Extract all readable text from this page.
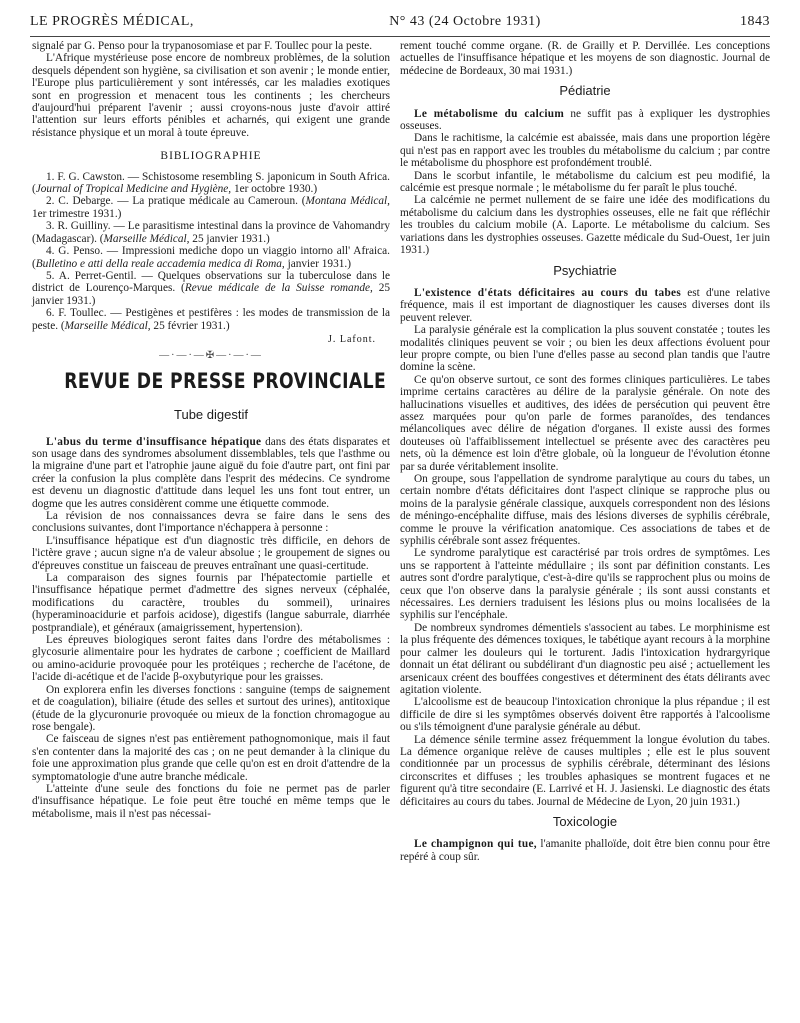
LE PROGRÈS MÉDICAL,	N° 43 (24 Octobre 1931)	1843

signalé par G. Penso pour la trypanosomiase et par F. Toullec pour la peste.

L'Afrique mystérieuse pose encore de nombreux problèmes, de la solution desquels dépendent son hygiène, sa civilisation et son avenir ; le monde entier, l'Europe plus particulièrement y sont intéressés, car les maladies exotiques sont en progression et menacent tous les continents ; les chercheurs d'aujourd'hui préparent l'avenir ; aussi croyons-nous juste d'avoir attiré l'attention sur leurs efforts pénibles et acharnés, qui exigent une grande résistance physique et un moral à toute épreuve.

BIBLIOGRAPHIE

1. F. G. Cawston. — Schistosome resembling S. japonicum in South Africa. (Journal of Tropical Medicine and Hygiène, 1er octobre 1930.)

2. C. Debarge. — La pratique médicale au Cameroun. (Montana Médical, 1er trimestre 1931.)

3. R. Guilliny. — Le parasitisme intestinal dans la province de Vahomandry (Madagascar). (Marseille Médical, 25 janvier 1931.)

4. G. Penso. — Impressioni mediche dopo un viaggio intorno all' Afraica. (Bulletino e atti della reale accademia medica di Roma, janvier 1931.)

5. A. Perret-Gentil. — Quelques observations sur la tuberculose dans le district de Lourenço-Marques. (Revue médicale de la Suisse romande, 25 janvier 1931.)

6. F. Toullec. — Pestigènes et pestifères : les modes de transmission de la peste. (Marseille Médical, 25 février 1931.)

J. Lafont.
—·—·—✠—·—·—
REVUE DE PRESSE PROVINCIALE
Tube digestif

L'abus du terme d'insuffisance hépatique dans des états disparates et son usage dans des syndromes absolument dissemblables, tels que l'asthme ou la migraine d'une part et l'atrophie jaune aiguë du foie d'autre part, ont fini par créer la confusion la plus complète dans l'esprit des médecins. Ce syndrome est devenu un diagnostic d'attitude dans lequel les uns font tout entrer, un dogme que les autres considèrent comme une étiquette commode.

La révision de nos connaissances devra se faire dans le sens des conclusions suivantes, dont l'importance n'échappera à personne :

L'insuffisance hépatique est d'un diagnostic très difficile, en dehors de l'ictère grave ; aucun signe n'a de valeur absolue ; le groupement de signes ou d'épreuves constitue un faisceau de preuves entraînant une quasi-certitude.

La comparaison des signes fournis par l'hépatectomie partielle et l'insuffisance hépatique permet d'admettre des signes nerveux (céphalée, modifications du caractère, troubles du sommeil), urinaires (hyperaminoacidurie et parfois acidose), digestifs (langue saburrale, diarrhée postprandiale), et généraux (amaigrissement, hypertension).

Les épreuves biologiques seront faites dans l'ordre des métabolismes : glycosurie alimentaire pour les hydrates de carbone ; coefficient de Maillard ou amino-acidurie provoquée pour les protéiques ; recherche de l'acétone, de l'acide di-acétique et de l'acide β-oxybutyrique pour les graisses.

On explorera enfin les diverses fonctions : sanguine (temps de saignement et de coagulation), biliaire (étude des selles et surtout des urines), antitoxique (étude de la glycuronurie provoquée ou mieux de la fonction chromagogue au rose bengale).

Ce faisceau de signes n'est pas entièrement pathognomonique, mais il faut s'en contenter dans la majorité des cas ; on ne peut demander à la clinique du foie une approximation plus grande que celle qu'on est en droit d'attendre de la symptomatologie d'une autre branche médicale.

L'atteinte d'une seule des fonctions du foie ne permet pas de parler d'insuffisance hépatique. Le foie peut être touché en même temps que le métabolisme, mais il n'est pas nécessai-

rement touché comme organe. (R. de Grailly et P. Dervillée. Les conceptions actuelles de l'insuffisance hépatique et les moyens de son diagnostic. Journal de médecine de Bordeaux, 30 mai 1931.)

Pédiatrie

Le métabolisme du calcium ne suffit pas à expliquer les dystrophies osseuses.

Dans le rachitisme, la calcémie est abaissée, mais dans une proportion légère qui n'est pas en rapport avec les troubles du métabolisme du calcium ; par contre le métabolisme du phosphore est profondément troublé.

Dans le scorbut infantile, le métabolisme du calcium est peu modifié, la calcémie est presque normale ; le métabolisme du fer paraît le plus touché.

La calcémie ne permet nullement de se faire une idée des modifications du métabolisme du calcium dans les dystrophies osseuses, elle ne fait que réfléchir les troubles du calcium mobile (A. Laporte. Le métabolisme du calcium. Ses variations dans les dystrophies osseuses. Gazette médicale du Sud-Ouest, 1er juin 1931.)

Psychiatrie

L'existence d'états déficitaires au cours du tabes est d'une relative fréquence, mais il est important de diagnostiquer les causes diverses dont ils peuvent relever.

La paralysie générale est la complication la plus souvent constatée ; toutes les modalités cliniques peuvent se voir ; ou bien les deux affections évoluent pour leur propre compte, ou bien l'une d'elles passe au second plan tandis que l'autre domine la scène.

Ce qu'on observe surtout, ce sont des formes cliniques particulières. Le tabes imprime certains caractères au délire de la paralysie générale. On note des hallucinations visuelles et auditives, des idées de persécution qui peuvent être assez marquées pour qu'on parle de formes paranoïdes, des tendances mélancoliques avec délire de négation d'organes. Il existe aussi des formes douteuses où l'affaiblissement intellectuel se présente avec des caractères peu nets, où la démence est loin d'être globale, où la longueur de l'évolution étonne par sa durée véritablement insolite.

On groupe, sous l'appellation de syndrome paralytique au cours du tabes, un certain nombre d'états déficitaires dont l'aspect clinique se rapproche plus ou moins de la paralysie générale classique, auxquels correspondent non des lésions de méningo-encéphalite diffuse, mais des lésions diverses de syphilis cérébrale, comme le prouve la vérification anatomique. Ces associations de tabes et de syphilis cérébrale sont assez fréquentes.

Le syndrome paralytique est caractérisé par trois ordres de symptômes. Les uns se rapportent à l'atteinte médullaire ; ils sont par définition constants. Les autres sont d'ordre paralytique, c'est-à-dire qu'ils se rapprochent plus ou moins de ceux que l'on observe dans la paralysie générale ; ils sont aussi constants et nécessaires. Les derniers traduisent les lésions plus ou moins localisées de la syphilis sur l'encéphale.

De nombreux syndromes démentiels s'associent au tabes. Le morphinisme est la plus fréquente des démences toxiques, le tabétique ayant recours à la morphine pour calmer les douleurs qui le torturent. Jadis l'intoxication hydrargyrique donnait un état délirant ou subdélirant d'un diagnostic peu aisé ; actuellement les arsenicaux créent des bouffées congestives et déterminent des états délirants avec agitation violente.

L'alcoolisme est de beaucoup l'intoxication chronique la plus répandue ; il est difficile de dire si les symptômes observés doivent être rapportés à l'alcoolisme ou s'ils témoignent d'une paralysie générale au début.

La démence sénile termine assez fréquemment la longue évolution du tabes. La démence organique relève de causes multiples ; elle est le plus souvent conditionnée par un processus de syphilis cérébrale, déterminant des lésions circonscrites et diffuses ; les troubles aphasiques se montrent fugaces et ne figurent qu'à titre secondaire (E. Larrivé et H. J. Jasienski. Le diagnostic des états déficitaires au cours du tabes. Journal de Médecine de Lyon, 20 juin 1931.)

Toxicologie

Le champignon qui tue, l'amanite phalloïde, doit être bien connu pour être repéré à coup sûr.
